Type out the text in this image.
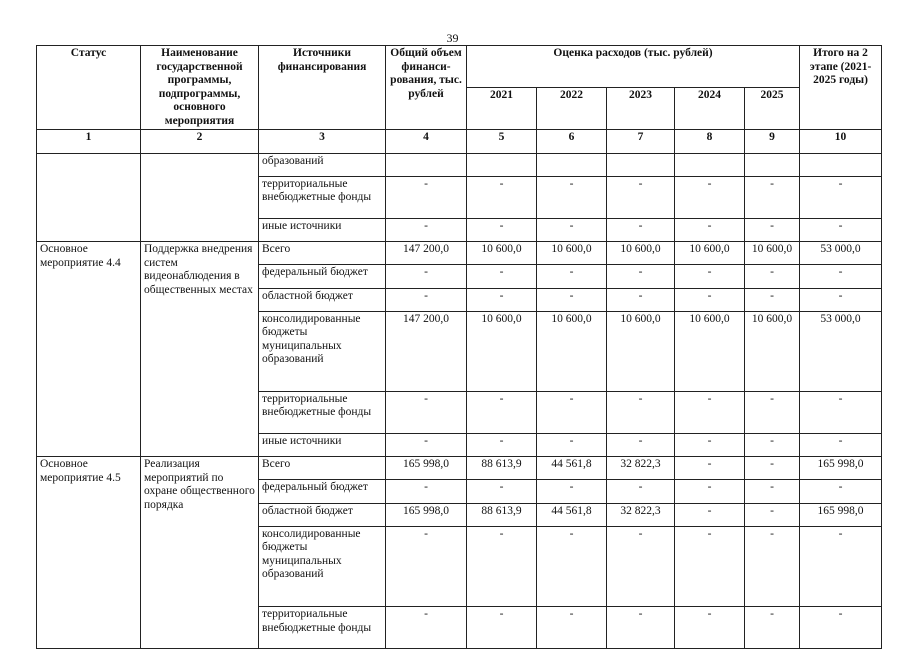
39
Статус	Наименование государственной программы, подпрограммы, основного мероприятия	Источники финансирования	Общий объем финанси-рования, тыс. рублей	Оценка расходов (тыс. рублей)					Итого на 2 этапе (2021-2025 годы)
				2021	2022	2023	2024	2025	
1	2	3	4	5	6	7	8	9	10
		образований							
		территориальные внебюджетные фонды	-	-	-	-	-	-	-
		иные источники	-	-	-	-	-	-	-
Основное мероприятие 4.4	Поддержка внедрения систем видеонаблюдения в общественных местах	Всего	147 200,0	10 600,0	10 600,0	10 600,0	10 600,0	10 600,0	53 000,0
		федеральный бюджет	-	-	-	-	-	-	-
		областной бюджет	-	-	-	-	-	-	-
		консолидированные бюджеты муниципальных образований	147 200,0	10 600,0	10 600,0	10 600,0	10 600,0	10 600,0	53 000,0
		территориальные внебюджетные фонды	-	-	-	-	-	-	-
		иные источники	-	-	-	-	-	-	-
Основное мероприятие 4.5	Реализация мероприятий по охране общественного порядка	Всего	165 998,0	88 613,9	44 561,8	32 822,3	-	-	165 998,0
		федеральный бюджет	-	-	-	-	-	-	-
		областной бюджет	165 998,0	88 613,9	44 561,8	32 822,3	-	-	165 998,0
		консолидированные бюджеты муниципальных образований	-	-	-	-	-	-	-
		территориальные внебюджетные фонды	-	-	-	-	-	-	-
